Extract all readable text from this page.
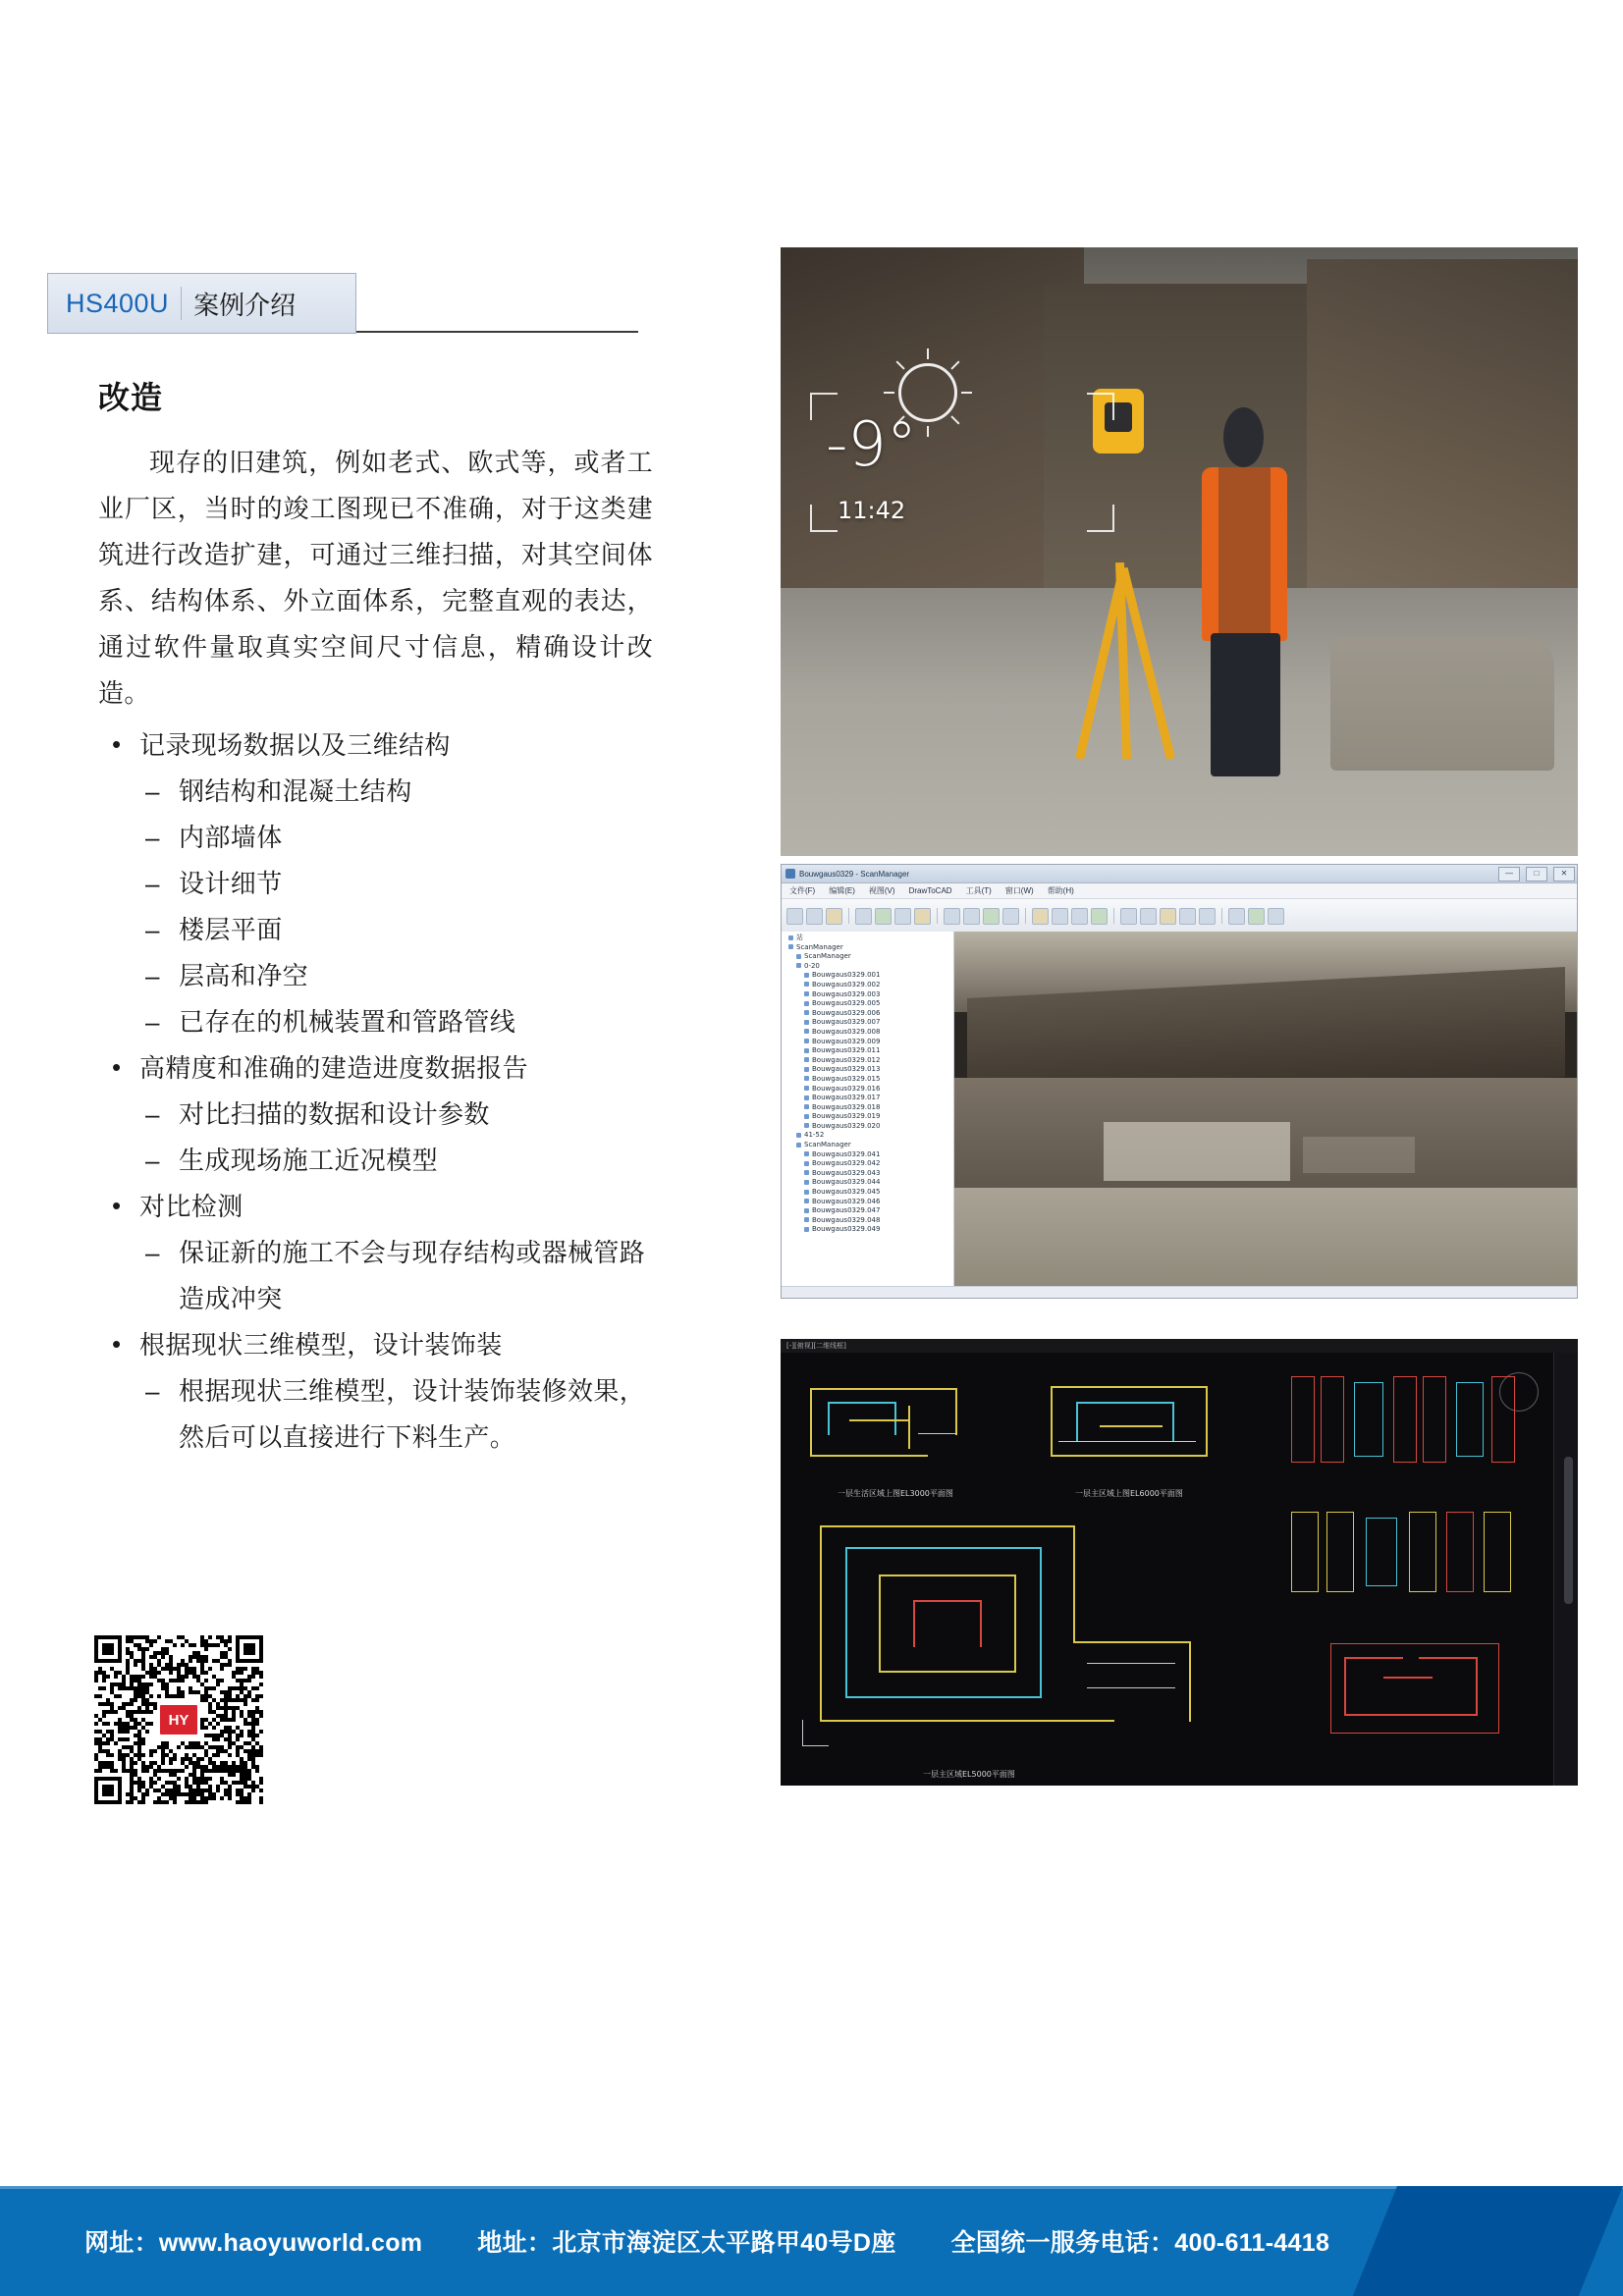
HS400U 案例介绍
改造

现存的旧建筑，例如老式、欧式等，或者工业厂区，当时的竣工图现已不准确，对于这类建筑进行改造扩建，可通过三维扫描，对其空间体系、结构体系、外立面体系，完整直观的表达，通过软件量取真实空间尺寸信息，精确设计改造。

• 记录现场数据以及三维结构
– 钢结构和混凝土结构
– 内部墙体
– 设计细节
– 楼层平面
– 层高和净空
– 已存在的机械装置和管路管线
• 高精度和准确的建造进度数据报告
– 对比扫描的数据和设计参数
– 生成现场施工近况模型
• 对比检测
– 保证新的施工不会与现存结构或器械管路造成冲突
• 根据现状三维模型，设计装饰装
– 根据现状三维模型，设计装饰装修效果，然后可以直接进行下料生产。
HY
-9°
11:42
Bouwgaus0329 - ScanManager	—	□	✕
文件(F) 编辑(E) 视图(V) DrawToCAD 工具(T) 窗口(W) 帮助(H)
站
ScanManager
ScanManager
0-20
Bouwgaus0329.001
Bouwgaus0329.002
Bouwgaus0329.003
Bouwgaus0329.005
Bouwgaus0329.006
Bouwgaus0329.007
Bouwgaus0329.008
Bouwgaus0329.009
Bouwgaus0329.011
Bouwgaus0329.012
Bouwgaus0329.013
Bouwgaus0329.015
Bouwgaus0329.016
Bouwgaus0329.017
Bouwgaus0329.018
Bouwgaus0329.019
Bouwgaus0329.020
41-52
ScanManager
Bouwgaus0329.041
Bouwgaus0329.042
Bouwgaus0329.043
Bouwgaus0329.044
Bouwgaus0329.045
Bouwgaus0329.046
Bouwgaus0329.047
Bouwgaus0329.048
Bouwgaus0329.049
[-][俯视][二维线框]
一层生活区域上图EL3000平面图	一层主区域上图EL6000平面图
一层主区域EL5000平面图
网址：www.haoyuworld.com 地址：北京市海淀区太平路甲40号D座 全国统一服务电话：400-611-4418
